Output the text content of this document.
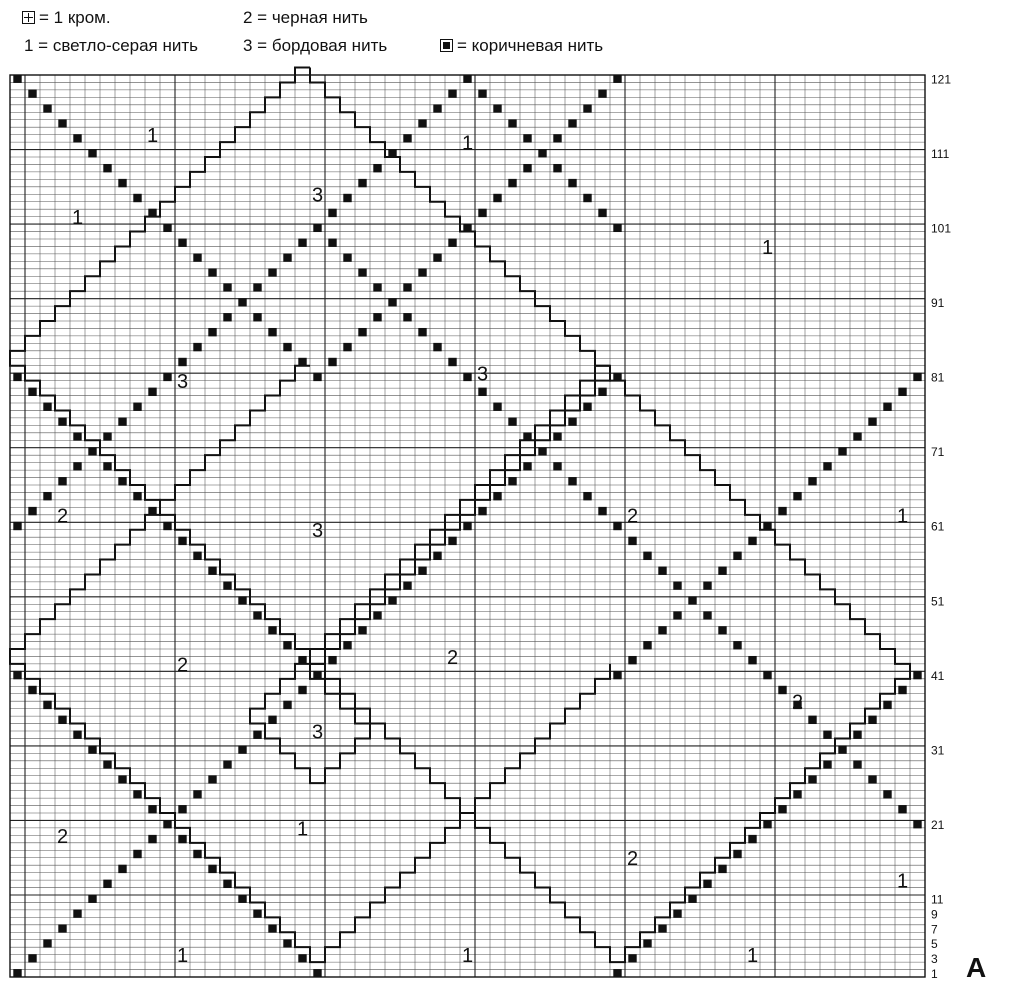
= 1 кром.
1 = светло-серая нить
2 = черная нить
3 = бордовая нить	= коричневая нить
1
1
1
1
1
1
1
1	1	1
3
3	3
3
3
2	2
2	2
2
2
2
121
111
101
91
81
71
61
51
41
31
21
11
9
7
5
3
1 A
